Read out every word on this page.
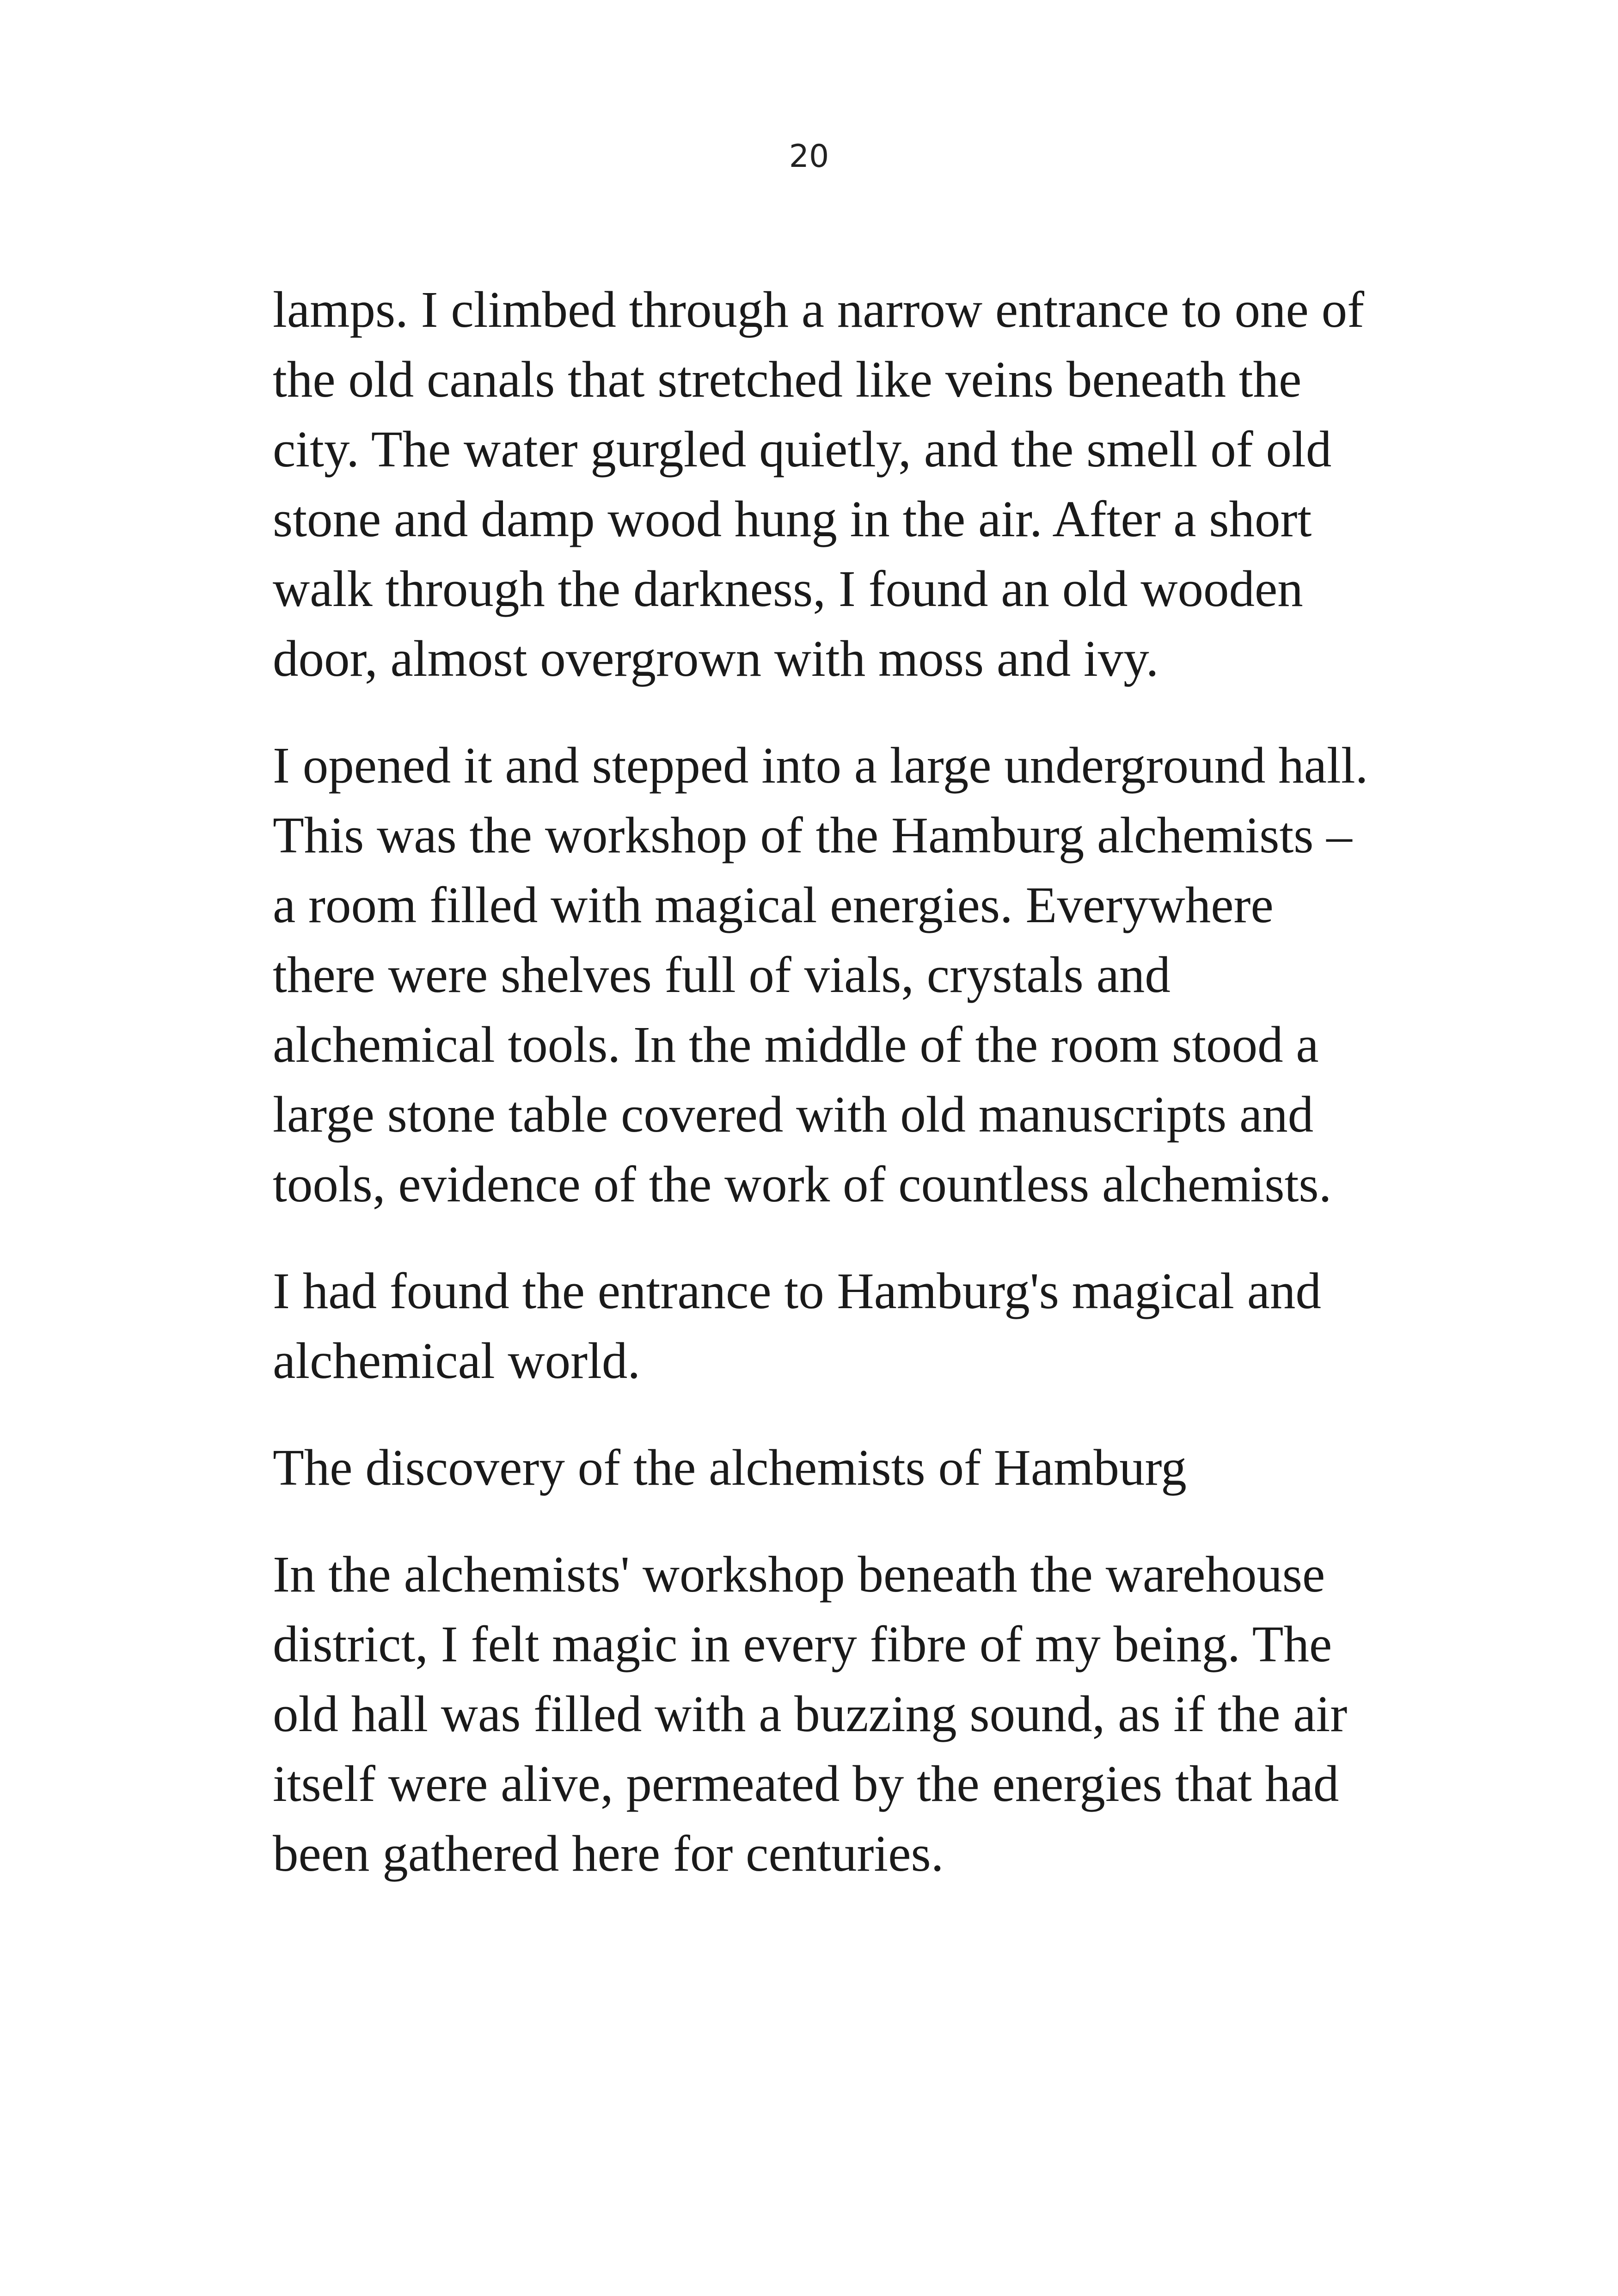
20

lamps. I climbed through a narrow entrance to one of the old canals that stretched like veins beneath the city. The water gurgled quietly, and the smell of old stone and damp wood hung in the air. After a short walk through the darkness, I found an old wooden door, almost overgrown with moss and ivy.

I opened it and stepped into a large underground hall. This was the workshop of the Hamburg alchemists – a room filled with magical energies. Everywhere there were shelves full of vials, crystals and alchemical tools. In the middle of the room stood a large stone table covered with old manuscripts and tools, evidence of the work of countless alchemists.

I had found the entrance to Hamburg's magical and alchemical world.

The discovery of the alchemists of Hamburg

In the alchemists' workshop beneath the warehouse district, I felt magic in every fibre of my being. The old hall was filled with a buzzing sound, as if the air itself were alive, permeated by the energies that had been gathered here for centuries.
